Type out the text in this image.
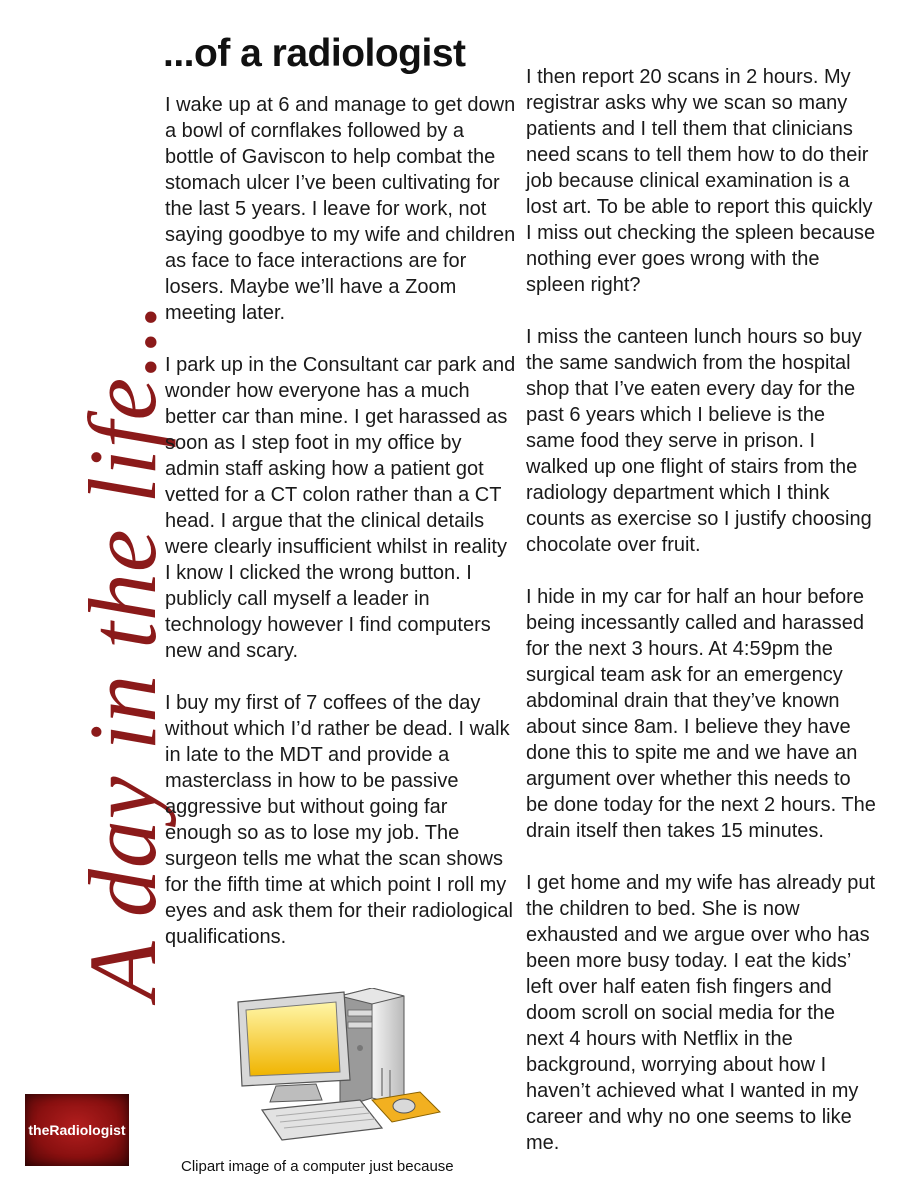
A day in the life...
...of a radiologist

I wake up at 6 and manage to get down a bowl of cornflakes followed by a bottle of Gaviscon to help combat the stomach ulcer I’ve been cultivating for the last 5 years. I leave for work, not saying goodbye to my wife and children as face to face interactions are for losers. Maybe we’ll have a Zoom meeting later.

I park up in the Consultant car park and wonder how everyone has a much better car than mine. I get harassed as soon as I step foot in my office by admin staff asking how a patient got vetted for a CT colon rather than a CT head. I argue that the clinical details were clearly insufficient whilst in reality I know I clicked the wrong button. I publicly call myself a leader in technology however I find computers new and scary.

I buy my first of 7 coffees of the day without which I’d rather be dead. I walk in late to the MDT and provide a masterclass in how to be passive aggressive but without going far enough so as to lose my job. The surgeon tells me what the scan shows for the fifth time at which point I roll my eyes and ask them for their radiological qualifications.

I then report 20 scans in 2 hours. My registrar asks why we scan so many patients and I tell them that clinicians need scans to tell them how to do their job because clinical examination is a lost art. To be able to report this quickly I miss out checking the spleen because nothing ever goes wrong with the spleen right?

I miss the canteen lunch hours so buy the same sandwich from the hospital shop that I’ve eaten every day for the past 6 years which I believe is the same food they serve in prison. I walked up one flight of stairs from the radiology department which I think counts as exercise so I justify choosing chocolate over fruit.

I hide in my car for half an hour before being incessantly called and harassed for the next 3 hours. At 4:59pm the surgical team ask for an emergency abdominal drain that they’ve known about since 8am. I believe they have done this to spite me and we have an argument over whether this needs to be done today for the next 2 hours. The drain itself then takes 15 minutes.

I get home and my wife has already put the children to bed. She is now exhausted and we argue over who has been more busy today. I eat the kids’ left over half eaten fish fingers and doom scroll on social media for the next 4 hours with Netflix in the background, worrying about how I haven’t achieved what I wanted in my career and why no one seems to like me.

Clipart image of a computer just because
theRadiologist
